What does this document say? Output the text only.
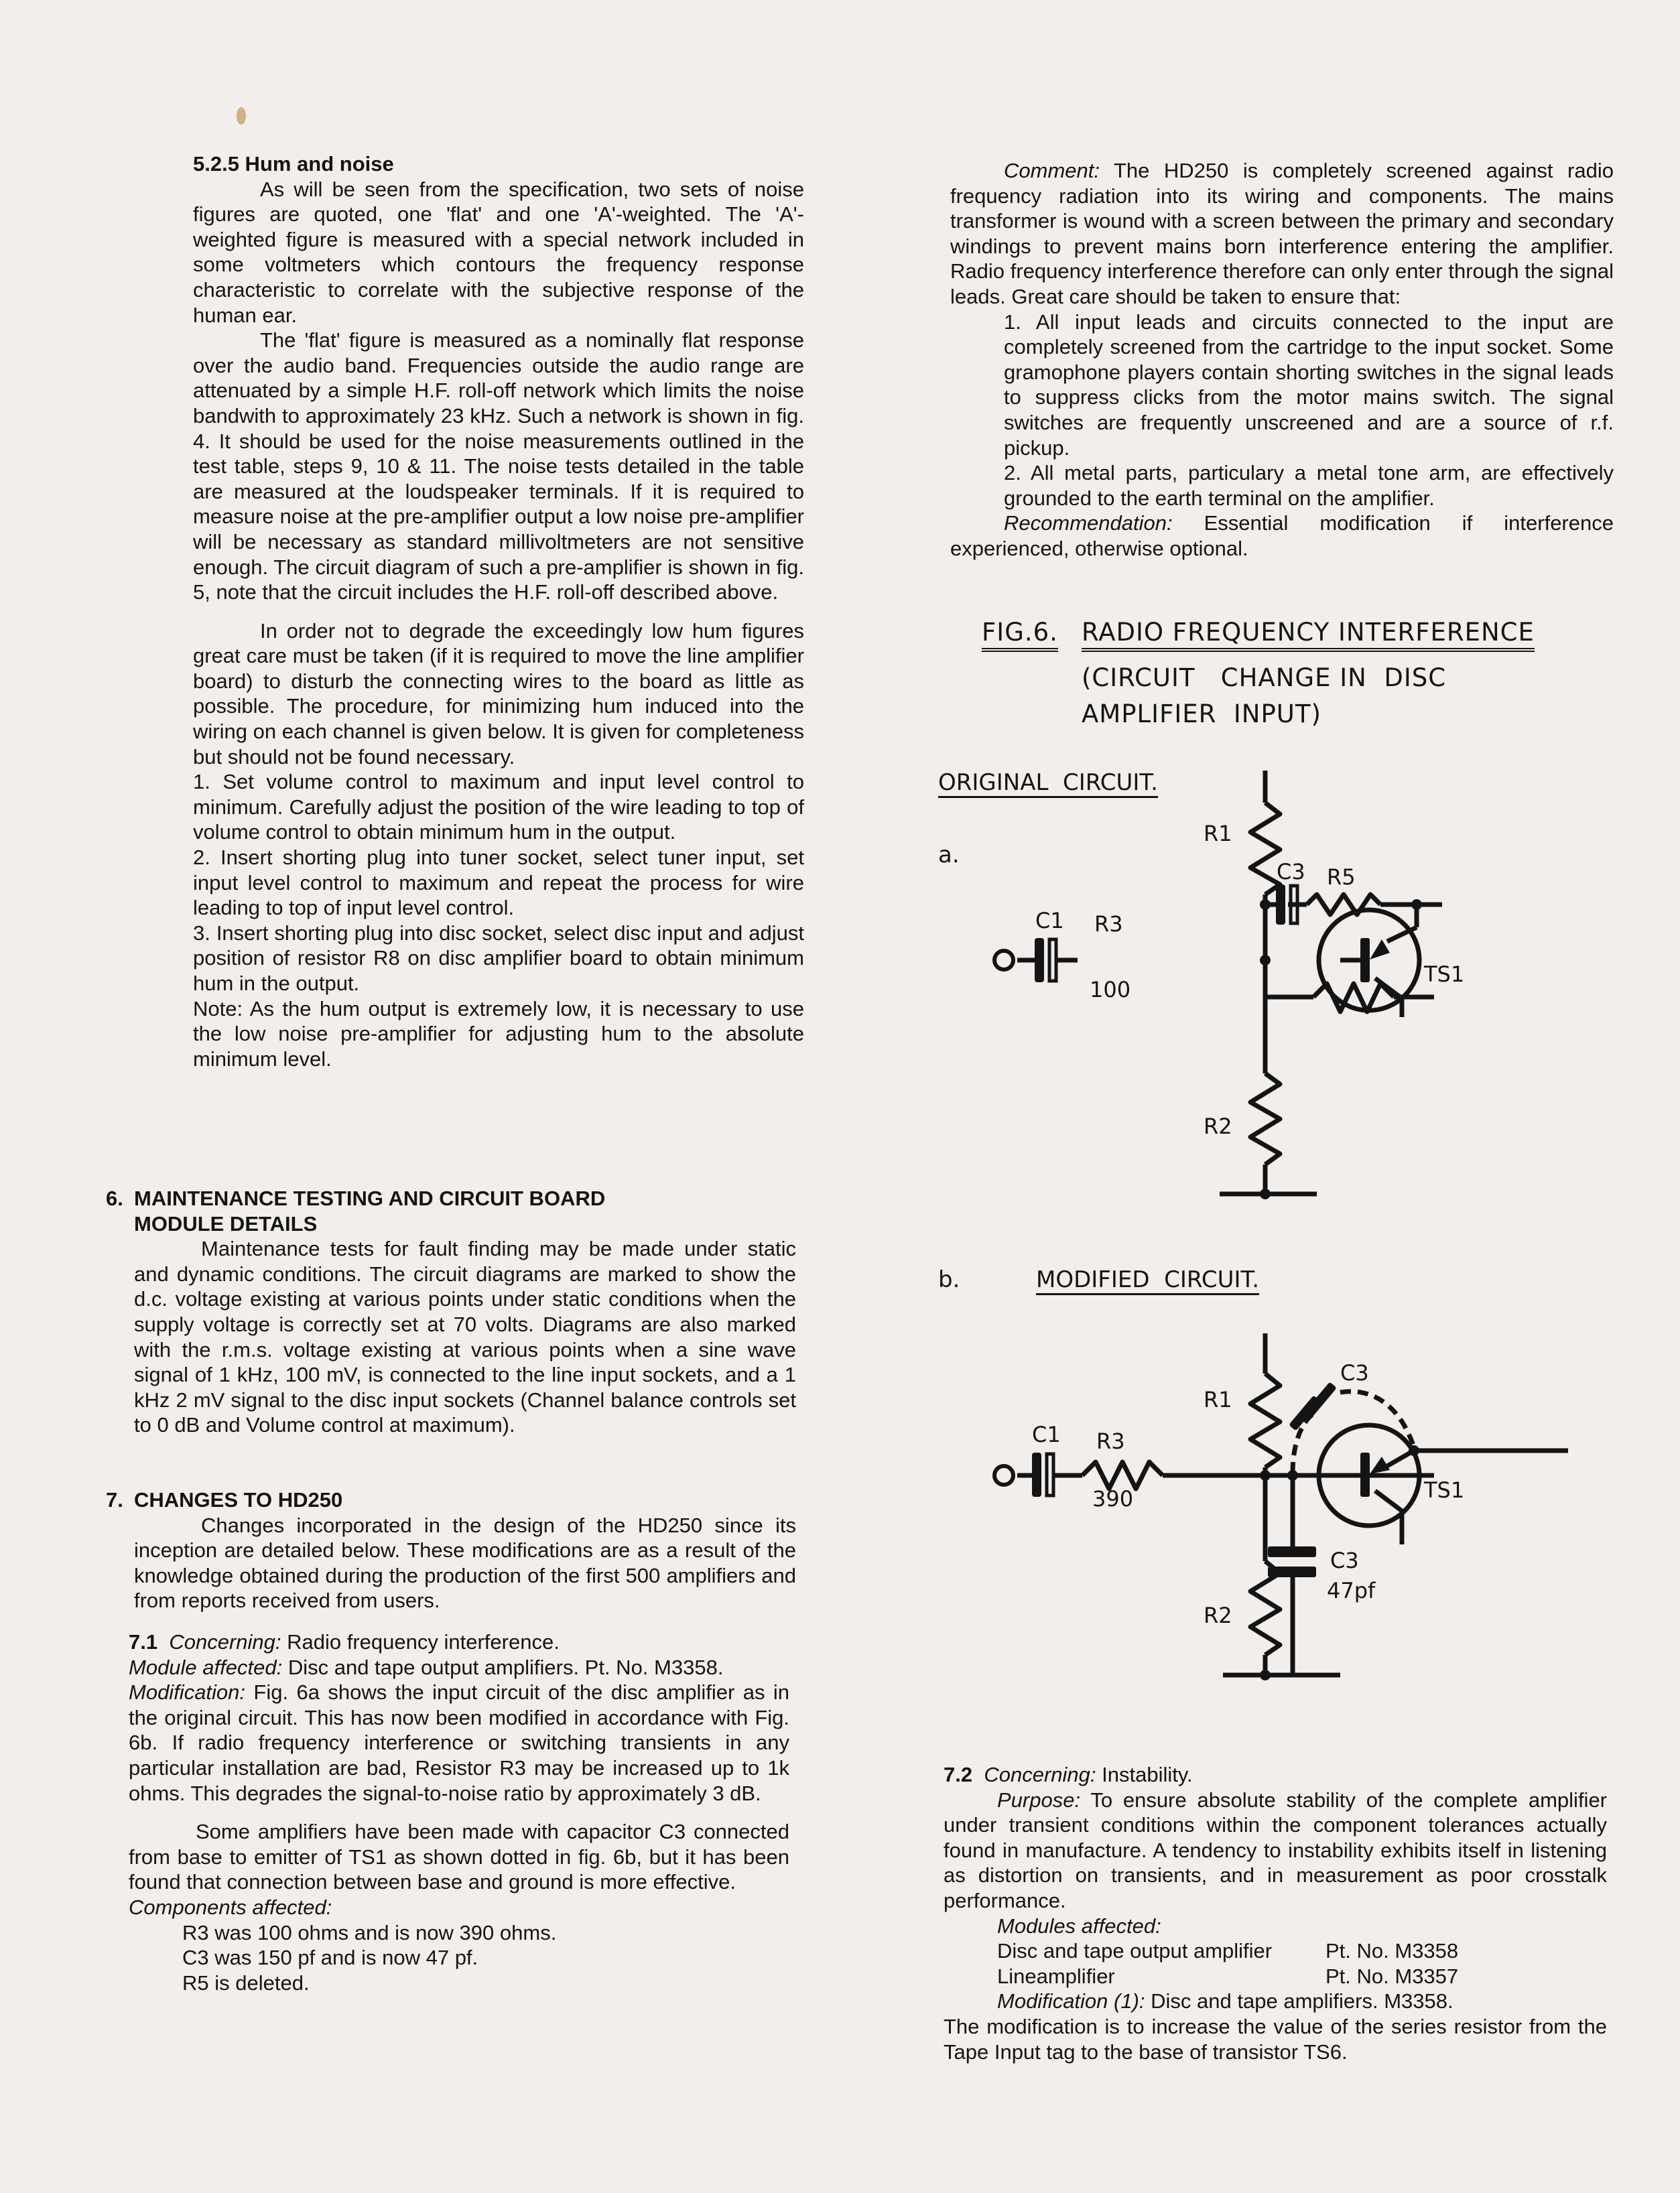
5.2.5 Hum and noise

As will be seen from the specification, two sets of noise figures are quoted, one 'flat' and one 'A'-weighted. The 'A'-weighted figure is measured with a special network included in some voltmeters which contours the frequency response characteristic to correlate with the subjective response of the human ear.

The 'flat' figure is measured as a nominally flat response over the audio band. Frequencies outside the audio range are attenuated by a simple H.F. roll-off network which limits the noise bandwith to approximately 23 kHz. Such a network is shown in fig. 4. It should be used for the noise measurements outlined in the test table, steps 9, 10 & 11. The noise tests detailed in the table are measured at the loudspeaker terminals. If it is required to measure noise at the pre-amplifier output a low noise pre-amplifier will be necessary as standard millivoltmeters are not sensitive enough. The circuit diagram of such a pre-amplifier is shown in fig. 5, note that the circuit includes the H.F. roll-off described above.

In order not to degrade the exceedingly low hum figures great care must be taken (if it is required to move the line amplifier board) to disturb the connecting wires to the board as little as possible. The procedure, for minimizing hum induced into the wiring on each channel is given below. It is given for completeness but should not be found necessary.

1. Set volume control to maximum and input level control to minimum. Carefully adjust the position of the wire leading to top of volume control to obtain minimum hum in the output.

2. Insert shorting plug into tuner socket, select tuner input, set input level control to maximum and repeat the process for wire leading to top of input level control.

3. Insert shorting plug into disc socket, select disc input and adjust position of resistor R8 on disc amplifier board to obtain minimum hum in the output.

Note: As the hum output is extremely low, it is necessary to use the low noise pre-amplifier for adjusting hum to the absolute minimum level.

6. MAINTENANCE TESTING AND CIRCUIT BOARD

MODULE DETAILS

Maintenance tests for fault finding may be made under static and dynamic conditions. The circuit diagrams are marked to show the d.c. voltage existing at various points under static conditions when the supply voltage is correctly set at 70 volts. Diagrams are also marked with the r.m.s. voltage existing at various points when a sine wave signal of 1 kHz, 100 mV, is connected to the line input sockets, and a 1 kHz 2 mV signal to the disc input sockets (Channel balance controls set to 0 dB and Volume control at maximum).

7. CHANGES TO HD250

Changes incorporated in the design of the HD250 since its inception are detailed below. These modifications are as a result of the knowledge obtained during the production of the first 500 amplifiers and from reports received from users.

7.1 Concerning: Radio frequency interference.

Module affected: Disc and tape output amplifiers. Pt. No. M3358.

Modification: Fig. 6a shows the input circuit of the disc amplifier as in the original circuit. This has now been modified in accordance with Fig. 6b. If radio frequency interference or switching transients in any particular installation are bad, Resistor R3 may be increased up to 1k ohms. This degrades the signal-to-noise ratio by approximately 3 dB.

Some amplifiers have been made with capacitor C3 connected from base to emitter of TS1 as shown dotted in fig. 6b, but it has been found that connection between base and ground is more effective.

Components affected:

R3 was 100 ohms and is now 390 ohms.

C3 was 150 pf and is now 47 pf.

R5 is deleted.

Comment: The HD250 is completely screened against radio frequency radiation into its wiring and components. The mains transformer is wound with a screen between the primary and secondary windings to prevent mains born interference entering the amplifier. Radio frequency interference therefore can only enter through the signal leads. Great care should be taken to ensure that:

1. All input leads and circuits connected to the input are completely screened from the cartridge to the input socket. Some gramophone players contain shorting switches in the signal leads to suppress clicks from the motor mains switch. The signal switches are frequently unscreened and are a source of r.f. pickup.

2. All metal parts, particulary a metal tone arm, are effectively grounded to the earth terminal on the amplifier.

Recommendation: Essential modification if interference experienced, otherwise optional.

FIG.6. RADIO FREQUENCY INTERFERENCE
(CIRCUIT   CHANGE IN  DISC
AMPLIFIER  INPUT)
ORIGINAL  CIRCUIT.
a.
b.	MODIFIED  CIRCUIT.
R1
R2
R3
100
C1
C3 R5
TS1
R1
R2
R3
390
C1
C3
C3
47pf
TS1

7.2 Concerning: Instability.

Purpose: To ensure absolute stability of the complete amplifier under transient conditions within the component tolerances actually found in manufacture. A tendency to instability exhibits itself in listening as distortion on transients, and in measurement as poor crosstalk performance.

Modules affected:

Disc and tape output amplifier	Pt. No. M3358
Lineamplifier	Pt. No. M3357

Modification (1): Disc and tape amplifiers. M3358.

The modification is to increase the value of the series resistor from the Tape Input tag to the base of transistor TS6.
